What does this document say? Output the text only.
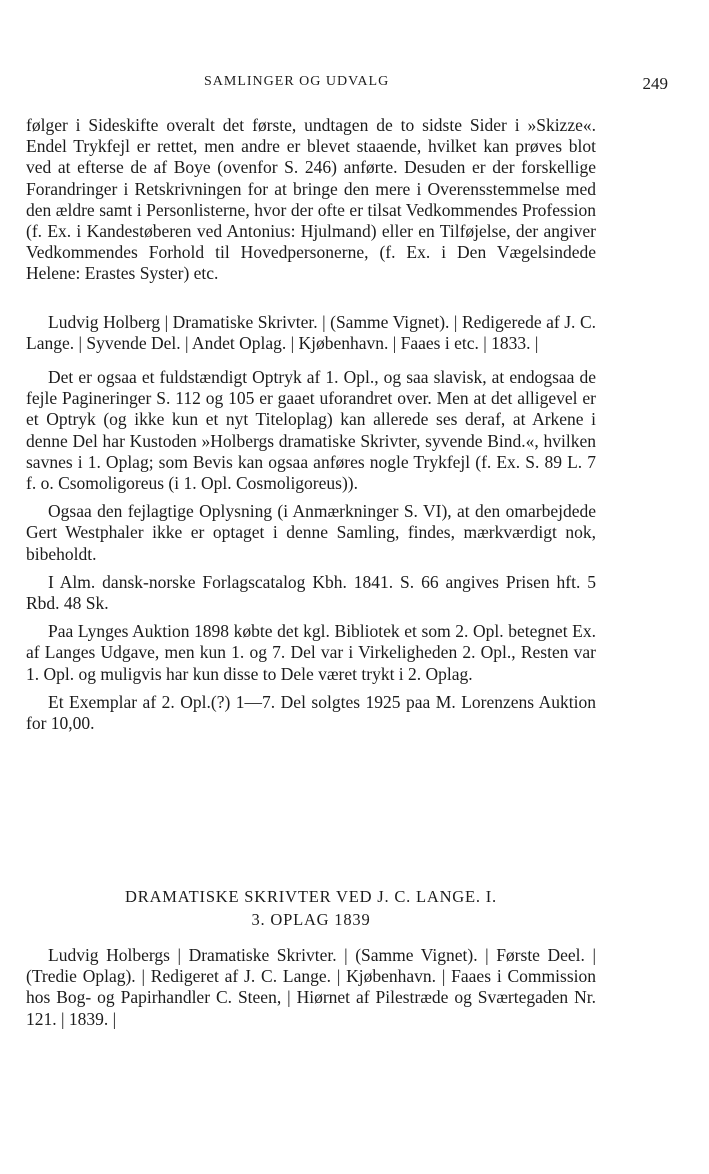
SAMLINGER OG UDVALG	249

følger i Sideskifte overalt det første, undtagen de to sidste Sider i »Skizze«. Endel Trykfejl er rettet, men andre er blevet staaende, hvilket kan prøves blot ved at efterse de af Boye (ovenfor S. 246) anførte. Desuden er der forskellige Forandringer i Retskrivningen for at bringe den mere i Overensstemmelse med den ældre samt i Personlisterne, hvor der ofte er tilsat Vedkommendes Profession (f. Ex. i Kandestøberen ved Antonius: Hjulmand) eller en Tilføjelse, der angiver Vedkommendes Forhold til Hovedpersonerne, (f. Ex. i Den Vægelsindede Helene: Erastes Syster) etc.

Ludvig Holberg | Dramatiske Skrivter. | (Samme Vignet). | Redigerede af J. C. Lange. | Syvende Del. | Andet Oplag. | Kjøbenhavn. | Faaes i etc. | 1833. |

Det er ogsaa et fuldstændigt Optryk af 1. Opl., og saa slavisk, at endogsaa de fejle Pagineringer S. 112 og 105 er gaaet uforandret over. Men at det alligevel er et Optryk (og ikke kun et nyt Titeloplag) kan allerede ses deraf, at Arkene i denne Del har Kustoden »Holbergs dramatiske Skrivter, syvende Bind.«, hvilken savnes i 1. Oplag; som Bevis kan ogsaa anføres nogle Trykfejl (f. Ex. S. 89 L. 7 f. o. Csomoligoreus (i 1. Opl. Cosmoligoreus)).

Ogsaa den fejlagtige Oplysning (i Anmærkninger S. VI), at den omarbejdede Gert Westphaler ikke er optaget i denne Samling, findes, mærkværdigt nok, bibeholdt.

I Alm. dansk-norske Forlagscatalog Kbh. 1841. S. 66 angives Prisen hft. 5 Rbd. 48 Sk.

Paa Lynges Auktion 1898 købte det kgl. Bibliotek et som 2. Opl. betegnet Ex. af Langes Udgave, men kun 1. og 7. Del var i Virkeligheden 2. Opl., Resten var 1. Opl. og muligvis har kun disse to Dele været trykt i 2. Oplag.

Et Exemplar af 2. Opl.(?) 1—7. Del solgtes 1925 paa M. Lorenzens Auktion for 10,00.

DRAMATISKE SKRIVTER VED J. C. LANGE. I.
3. OPLAG 1839

Ludvig Holbergs | Dramatiske Skrivter. | (Samme Vignet). | Første Deel. | (Tredie Oplag). | Redigeret af J. C. Lange. | Kjøbenhavn. | Faaes i Commission hos Bog- og Papirhandler C. Steen, | Hiørnet af Pilestræde og Sværtegaden Nr. 121. | 1839. |
